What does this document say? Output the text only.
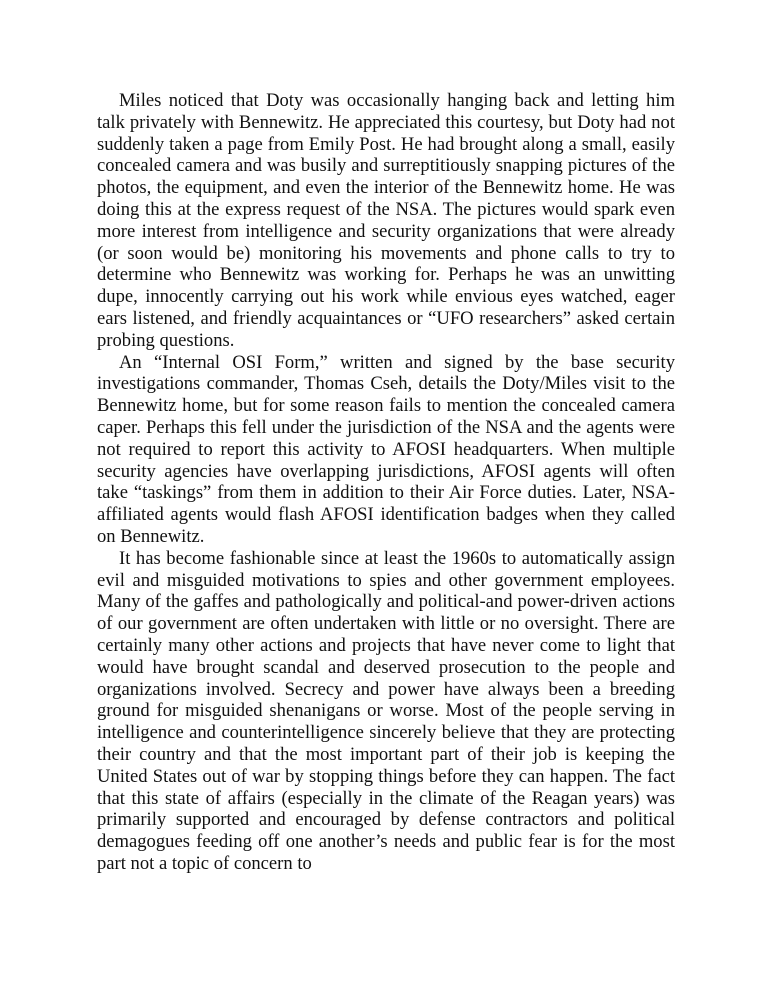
Miles noticed that Doty was occasionally hanging back and letting him talk privately with Bennewitz. He appreciated this courtesy, but Doty had not suddenly taken a page from Emily Post. He had brought along a small, easily concealed camera and was busily and surreptitiously snapping pictures of the photos, the equipment, and even the interior of the Bennewitz home. He was doing this at the express request of the NSA. The pictures would spark even more interest from intelligence and security organizations that were already (or soon would be) monitoring his movements and phone calls to try to determine who Bennewitz was working for. Perhaps he was an unwitting dupe, innocently carrying out his work while envious eyes watched, eager ears listened, and friendly acquaintances or “UFO researchers” asked certain probing questions.

An “Internal OSI Form,” written and signed by the base security investigations commander, Thomas Cseh, details the Doty/Miles visit to the Bennewitz home, but for some reason fails to mention the concealed camera caper. Perhaps this fell under the jurisdiction of the NSA and the agents were not required to report this activity to AFOSI headquarters. When multiple security agencies have overlapping jurisdictions, AFOSI agents will often take “taskings” from them in addition to their Air Force duties. Later, NSA-affiliated agents would flash AFOSI identification badges when they called on Bennewitz.

It has become fashionable since at least the 1960s to automatically assign evil and misguided motivations to spies and other government employees. Many of the gaffes and pathologically and political-and power-driven actions of our government are often undertaken with little or no oversight. There are certainly many other actions and projects that have never come to light that would have brought scandal and deserved prosecution to the people and organizations involved. Secrecy and power have always been a breeding ground for misguided shenanigans or worse. Most of the people serving in intelligence and counterintelligence sincerely believe that they are protecting their country and that the most important part of their job is keeping the United States out of war by stopping things before they can happen. The fact that this state of affairs (especially in the climate of the Reagan years) was primarily supported and encouraged by defense contractors and political demagogues feeding off one another’s needs and public fear is for the most part not a topic of concern to
